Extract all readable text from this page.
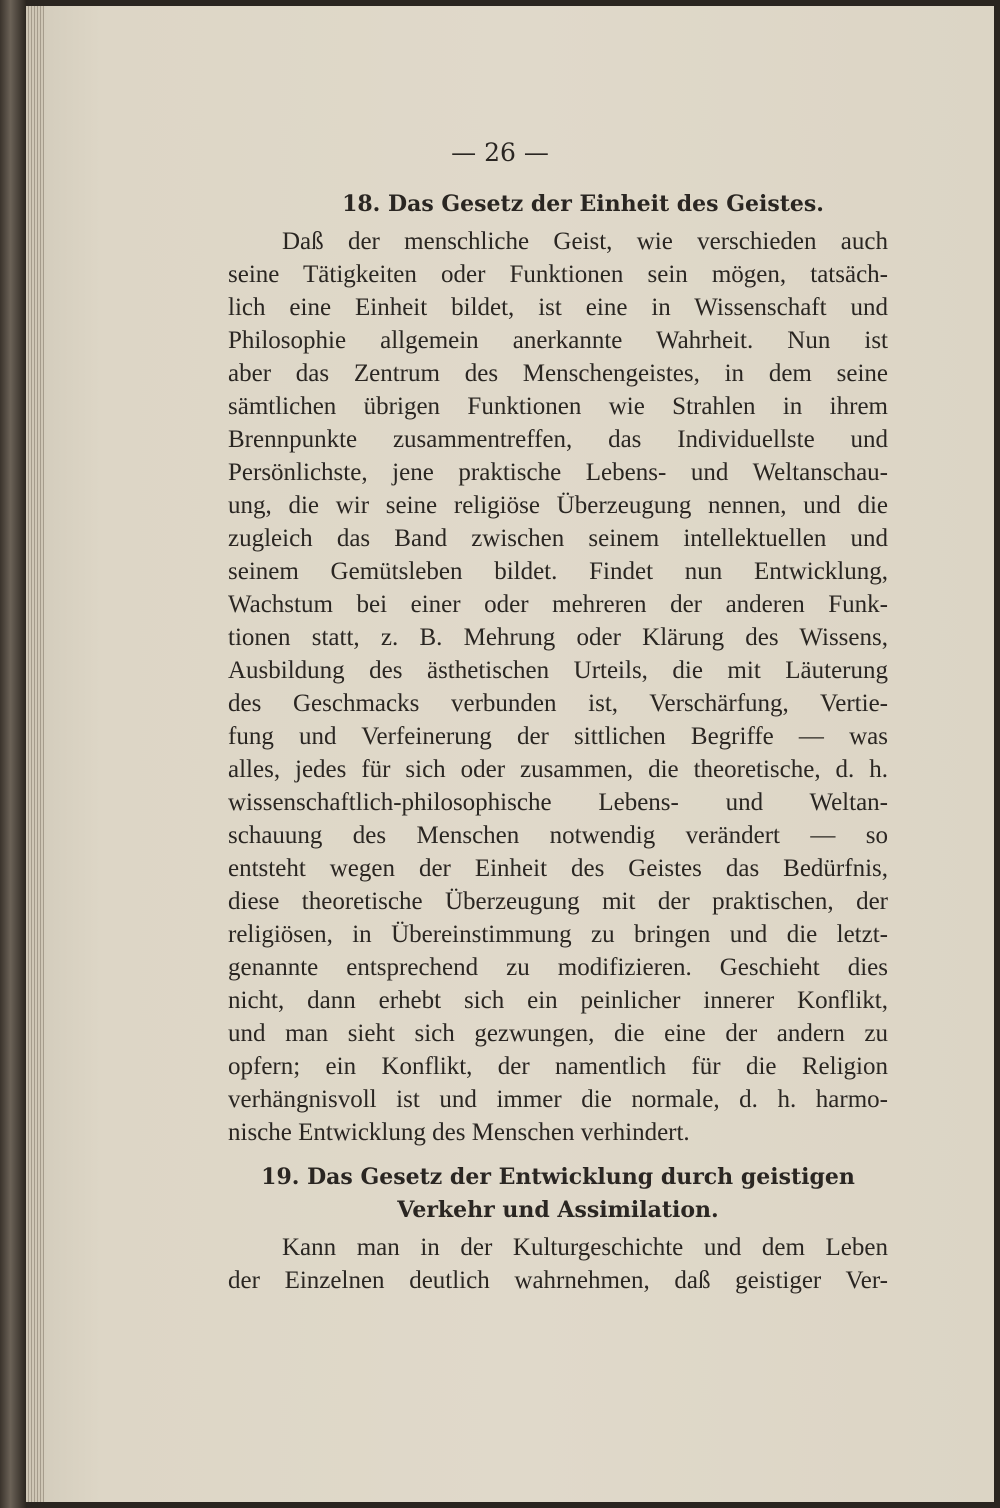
— 26 —

18. Das Gesetz der Einheit des Geistes.
Daß der menschliche Geist, wie verschieden auch
seine Tätigkeiten oder Funktionen sein mögen, tatsäch-
lich eine Einheit bildet, ist eine in Wissenschaft und
Philosophie allgemein anerkannte Wahrheit. Nun ist
aber das Zentrum des Menschengeistes, in dem seine
sämtlichen übrigen Funktionen wie Strahlen in ihrem
Brennpunkte zusammentreffen, das Individuellste und
Persönlichste, jene praktische Lebens- und Weltanschau-
ung, die wir seine religiöse Überzeugung nennen, und die
zugleich das Band zwischen seinem intellektuellen und
seinem Gemütsleben bildet. Findet nun Entwicklung,
Wachstum bei einer oder mehreren der anderen Funk-
tionen statt, z. B. Mehrung oder Klärung des Wissens,
Ausbildung des ästhetischen Urteils, die mit Läuterung
des Geschmacks verbunden ist, Verschärfung, Vertie-
fung und Verfeinerung der sittlichen Begriffe — was
alles, jedes für sich oder zusammen, die theoretische, d. h.
wissenschaftlich-philosophische Lebens- und Weltan-
schauung des Menschen notwendig verändert — so
entsteht wegen der Einheit des Geistes das Bedürfnis,
diese theoretische Überzeugung mit der praktischen, der
religiösen, in Übereinstimmung zu bringen und die letzt-
genannte entsprechend zu modifizieren. Geschieht dies
nicht, dann erhebt sich ein peinlicher innerer Konflikt,
und man sieht sich gezwungen, die eine der andern zu
opfern; ein Konflikt, der namentlich für die Religion
verhängnisvoll ist und immer die normale, d. h. harmo-
nische Entwicklung des Menschen verhindert.
19. Das Gesetz der Entwicklung durch geistigen
Verkehr und Assimilation.
Kann man in der Kulturgeschichte und dem Leben
der Einzelnen deutlich wahrnehmen, daß geistiger Ver-
